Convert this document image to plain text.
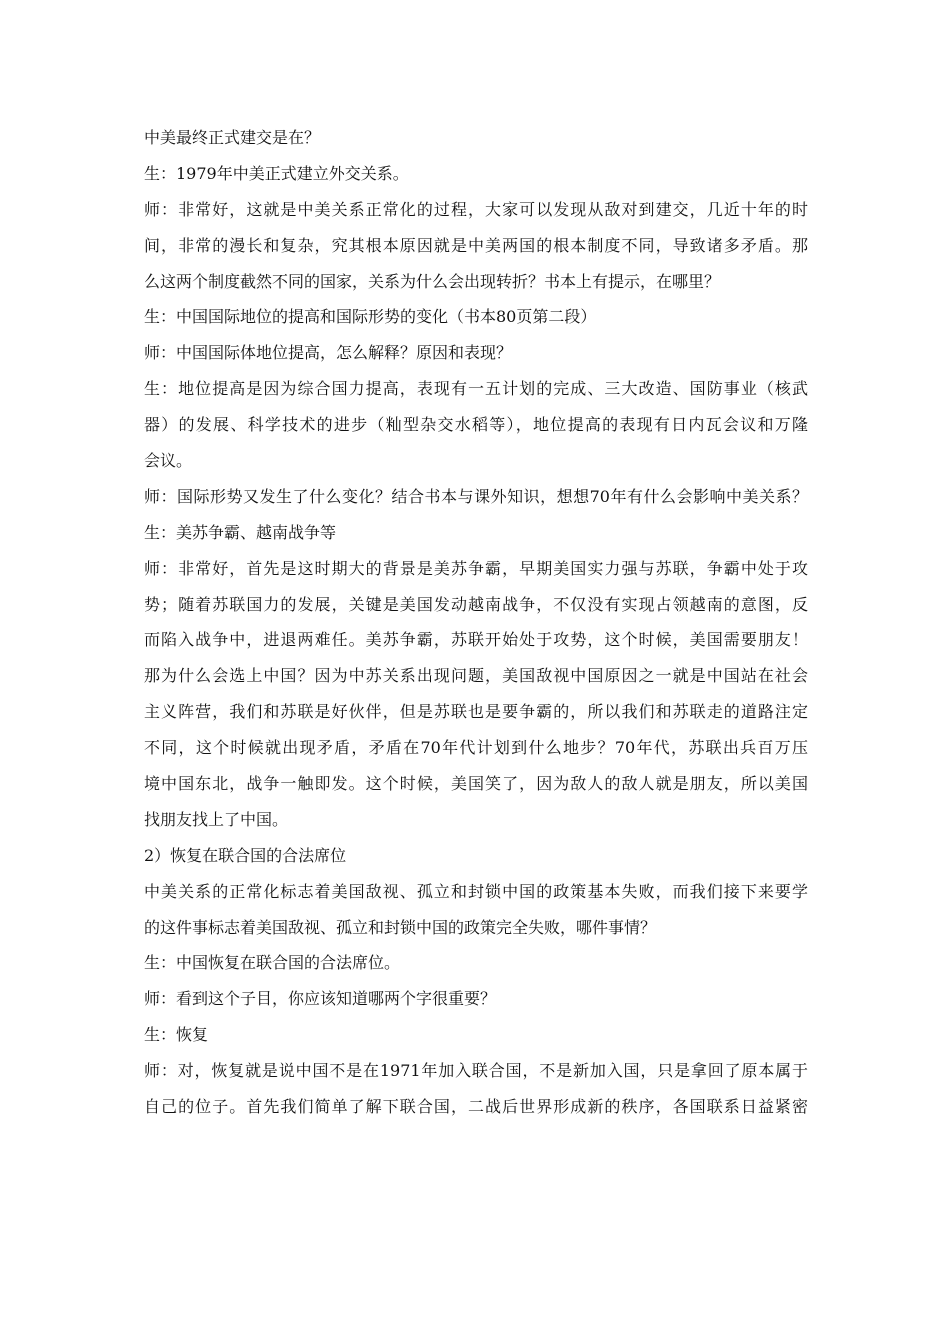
中美最终正式建交是在？
生：1979年中美正式建立外交关系。
师：非常好，这就是中美关系正常化的过程，大家可以发现从敌对到建交，几近十年的时
间，非常的漫长和复杂，究其根本原因就是中美两国的根本制度不同，导致诸多矛盾。那
么这两个制度截然不同的国家，关系为什么会出现转折？书本上有提示，在哪里？
生：中国国际地位的提高和国际形势的变化（书本80页第二段）
师：中国国际体地位提高，怎么解释？原因和表现？
生：地位提高是因为综合国力提高，表现有一五计划的完成、三大改造、国防事业（核武
器）的发展、科学技术的进步（籼型杂交水稻等），地位提高的表现有日内瓦会议和万隆
会议。
师：国际形势又发生了什么变化？结合书本与课外知识，想想70年有什么会影响中美关系？
生：美苏争霸、越南战争等
师：非常好，首先是这时期大的背景是美苏争霸，早期美国实力强与苏联，争霸中处于攻
势；随着苏联国力的发展，关键是美国发动越南战争，不仅没有实现占领越南的意图，反
而陷入战争中，进退两难任。美苏争霸，苏联开始处于攻势，这个时候，美国需要朋友！
那为什么会选上中国？因为中苏关系出现问题，美国敌视中国原因之一就是中国站在社会
主义阵营，我们和苏联是好伙伴，但是苏联也是要争霸的，所以我们和苏联走的道路注定
不同，这个时候就出现矛盾，矛盾在70年代计划到什么地步？70年代，苏联出兵百万压
境中国东北，战争一触即发。这个时候，美国笑了，因为敌人的敌人就是朋友，所以美国
找朋友找上了中国。
2）恢复在联合国的合法席位
中美关系的正常化标志着美国敌视、孤立和封锁中国的政策基本失败，而我们接下来要学
的这件事标志着美国敌视、孤立和封锁中国的政策完全失败，哪件事情？
生：中国恢复在联合国的合法席位。
师：看到这个子目，你应该知道哪两个字很重要？
生：恢复
师：对，恢复就是说中国不是在1971年加入联合国，不是新加入国，只是拿回了原本属于
自己的位子。首先我们简单了解下联合国，二战后世界形成新的秩序，各国联系日益紧密
